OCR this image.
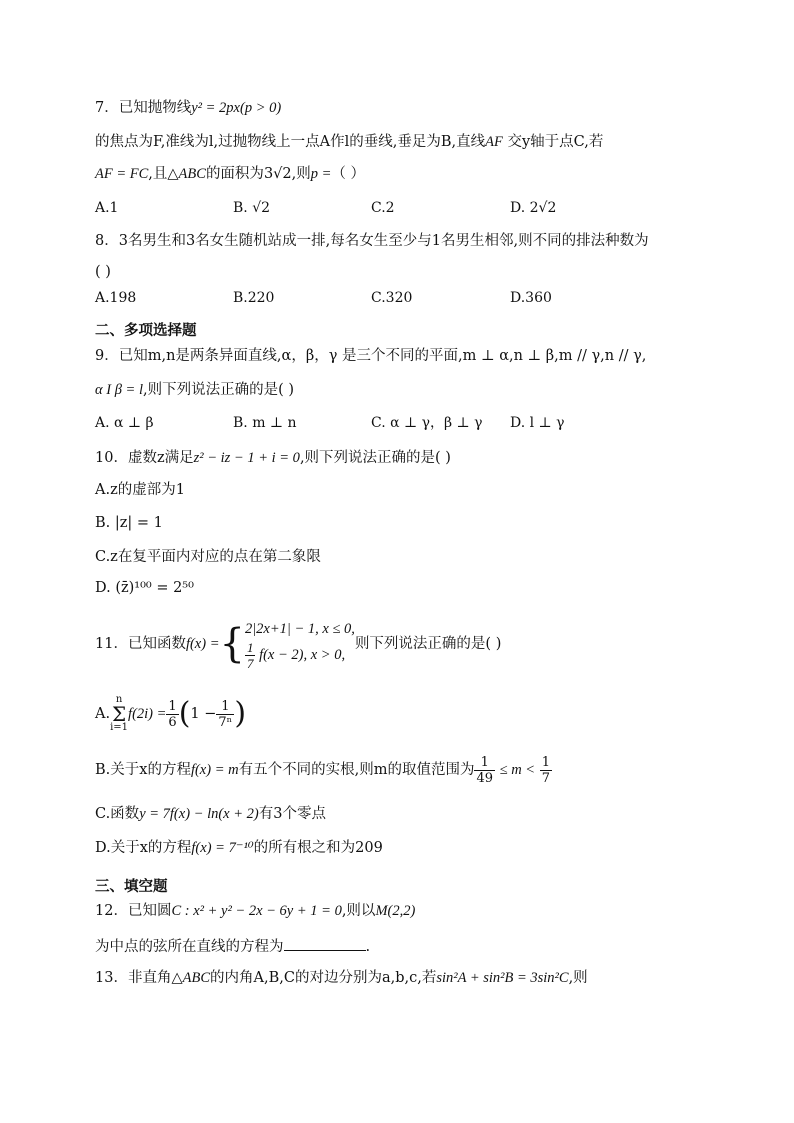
7．已知抛物线y² = 2px(p > 0)
的焦点为F,准线为l,过抛物线上一点A作l的垂线,垂足为B,直线AF 交y轴于点C,若
AF = FC,且△ABC的面积为3√2,则p =（ ）
A.1	B. √2	C.2	D. 2√2
8．3名男生和3名女生随机站成一排,每名女生至少与1名男生相邻,则不同的排法种数为
( )
A.198	B.220	C.320	D.360
二、多项选择题
9．已知m,n是两条异面直线,α，β，γ 是三个不同的平面,m ⊥ α,n ⊥ β,m // γ,n // γ,
α I β = l,则下列说法正确的是( )
A. α ⊥ β	B. m ⊥ n	C. α ⊥ γ，β ⊥ γ D. l ⊥ γ
10．虚数z满足z² − iz − 1 + i = 0,则下列说法正确的是( )
A.z的虚部为1
B. |z| = 1
C.z在复平面内对应的点在第二象限
D. (z̄)¹⁰⁰ = 2⁵⁰
11．已知函数f(x) ={ 2|2x+1| − 1, x ≤ 0,
$\frac{1}{7} f(x - 2)$, x > 0,
则下列说法正确的是( )
A.n
Σ
$i=1f(2i) = \frac{1}{6} (1 - \frac{1}{\text{7ⁿ}}$ )
B.关于x的方程f(x) = m有五个不同的实根,则m的取值范围为 $\frac{1}{49} \le m < \frac{1}{7}$
C.函数y = 7f(x) − ln(x + 2)有3个零点
D.关于x的方程f(x) = 7⁻¹⁰的所有根之和为209
三、填空题
12．已知圆C : x² + y² − 2x − 6y + 1 = 0,则以M(2,2)
为中点的弦所在直线的方程为	.
13．非直角△ABC的内角A,B,C的对边分别为a,b,c,若sin²A + sin²B = 3sin²C,则
